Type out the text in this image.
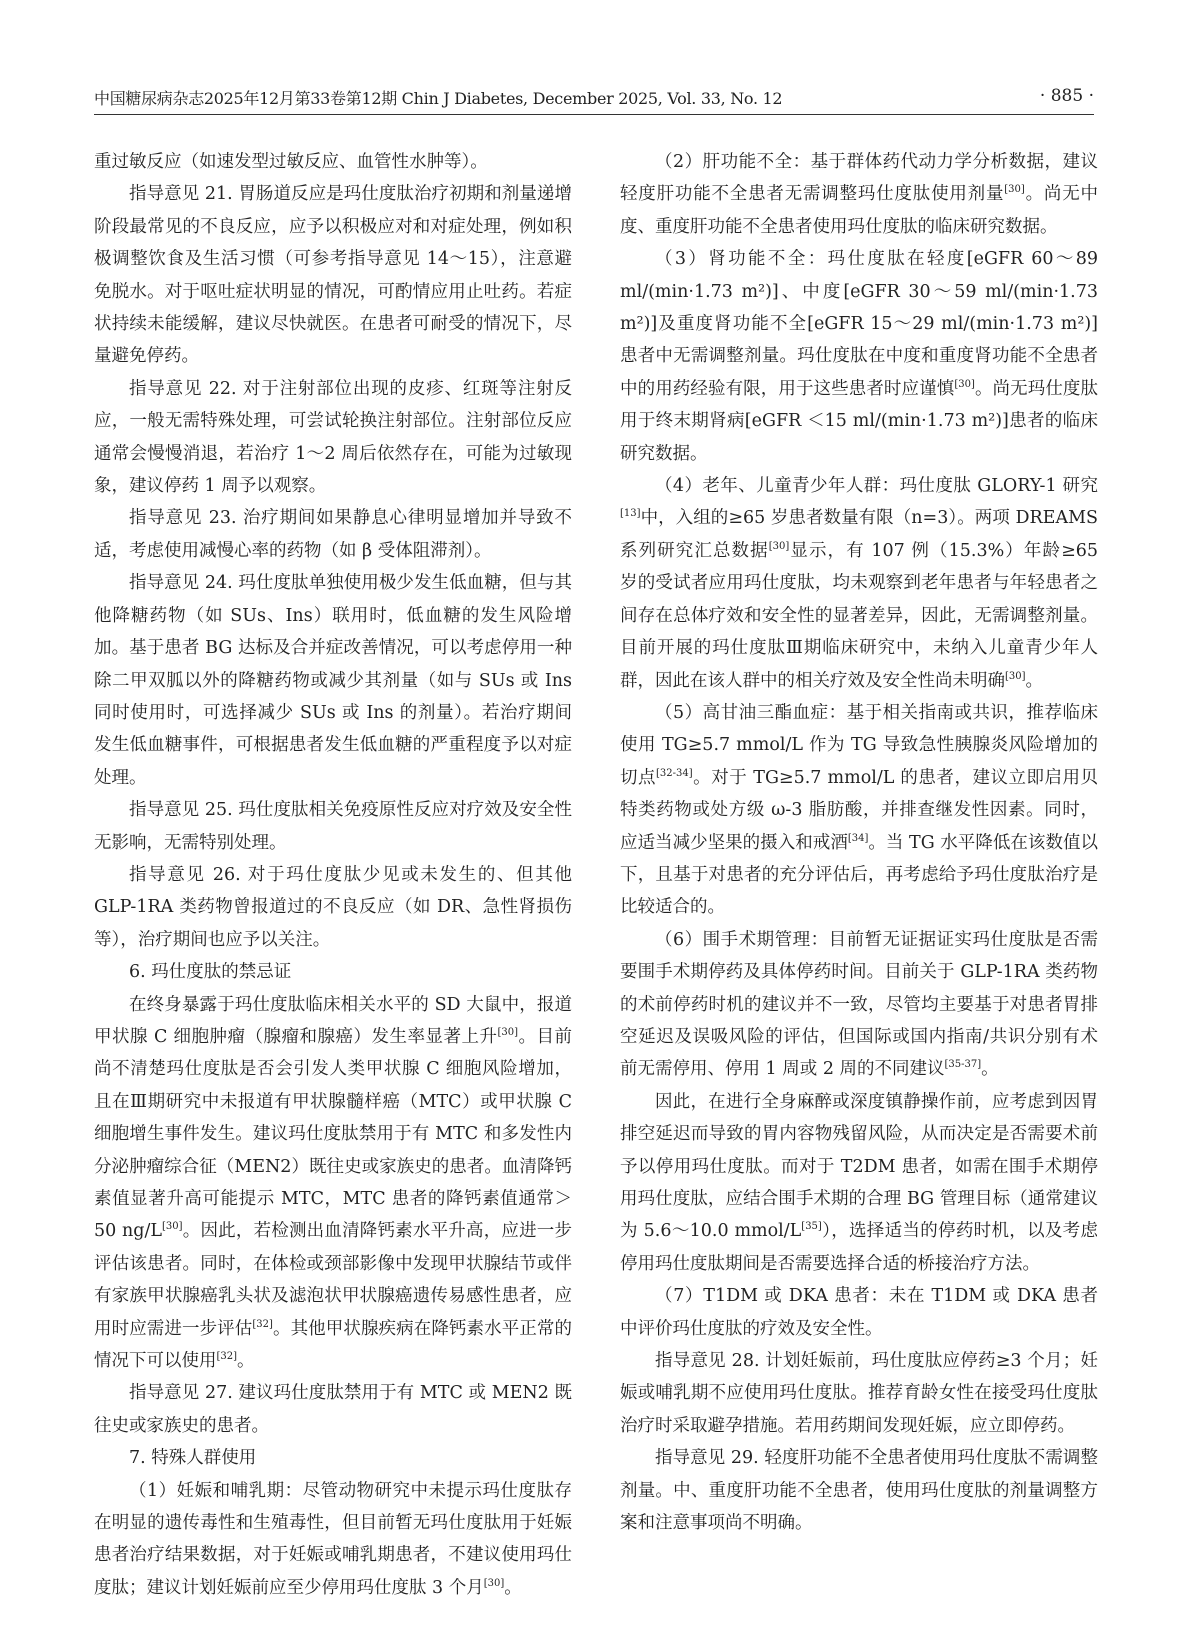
中国糖尿病杂志2025年12月第33卷第12期 Chin J Diabetes, December 2025, Vol. 33, No. 12	· 885 ·

重过敏反应（如速发型过敏反应、血管性水肿等）。

指导意见 21. 胃肠道反应是玛仕度肽治疗初期和剂量递增阶段最常见的不良反应，应予以积极应对和对症处理，例如积极调整饮食及生活习惯（可参考指导意见 14～15），注意避免脱水。对于呕吐症状明显的情况，可酌情应用止吐药。若症状持续未能缓解，建议尽快就医。在患者可耐受的情况下，尽量避免停药。

指导意见 22. 对于注射部位出现的皮疹、红斑等注射反应，一般无需特殊处理，可尝试轮换注射部位。注射部位反应通常会慢慢消退，若治疗 1～2 周后依然存在，可能为过敏现象，建议停药 1 周予以观察。

指导意见 23. 治疗期间如果静息心律明显增加并导致不适，考虑使用减慢心率的药物（如 β 受体阻滞剂）。

指导意见 24. 玛仕度肽单独使用极少发生低血糖，但与其他降糖药物（如 SUs、Ins）联用时，低血糖的发生风险增加。基于患者 BG 达标及合并症改善情况，可以考虑停用一种除二甲双胍以外的降糖药物或减少其剂量（如与 SUs 或 Ins 同时使用时，可选择减少 SUs 或 Ins 的剂量）。若治疗期间发生低血糖事件，可根据患者发生低血糖的严重程度予以对症处理。

指导意见 25. 玛仕度肽相关免疫原性反应对疗效及安全性无影响，无需特别处理。

指导意见 26. 对于玛仕度肽少见或未发生的、但其他 GLP-1RA 类药物曾报道过的不良反应（如 DR、急性肾损伤等），治疗期间也应予以关注。

6. 玛仕度肽的禁忌证

在终身暴露于玛仕度肽临床相关水平的 SD 大鼠中，报道甲状腺 C 细胞肿瘤（腺瘤和腺癌）发生率显著上升[30]。目前尚不清楚玛仕度肽是否会引发人类甲状腺 C 细胞风险增加，且在Ⅲ期研究中未报道有甲状腺髓样癌（MTC）或甲状腺 C 细胞增生事件发生。建议玛仕度肽禁用于有 MTC 和多发性内分泌肿瘤综合征（MEN2）既往史或家族史的患者。血清降钙素值显著升高可能提示 MTC，MTC 患者的降钙素值通常＞50 ng/L[30]。因此，若检测出血清降钙素水平升高，应进一步评估该患者。同时，在体检或颈部影像中发现甲状腺结节或伴有家族甲状腺癌乳头状及滤泡状甲状腺癌遗传易感性患者，应用时应需进一步评估[32]。其他甲状腺疾病在降钙素水平正常的情况下可以使用[32]。

指导意见 27. 建议玛仕度肽禁用于有 MTC 或 MEN2 既往史或家族史的患者。

7. 特殊人群使用

（1）妊娠和哺乳期：尽管动物研究中未提示玛仕度肽存在明显的遗传毒性和生殖毒性，但目前暂无玛仕度肽用于妊娠患者治疗结果数据，对于妊娠或哺乳期患者，不建议使用玛仕度肽；建议计划妊娠前应至少停用玛仕度肽 3 个月[30]。

（2）肝功能不全：基于群体药代动力学分析数据，建议轻度肝功能不全患者无需调整玛仕度肽使用剂量[30]。尚无中度、重度肝功能不全患者使用玛仕度肽的临床研究数据。

（3）肾功能不全：玛仕度肽在轻度[eGFR 60～89 ml/(min·1.73 m²)]、中度[eGFR 30～59 ml/(min·1.73 m²)]及重度肾功能不全[eGFR 15～29 ml/(min·1.73 m²)]患者中无需调整剂量。玛仕度肽在中度和重度肾功能不全患者中的用药经验有限，用于这些患者时应谨慎[30]。尚无玛仕度肽用于终末期肾病[eGFR ＜15 ml/(min·1.73 m²)]患者的临床研究数据。

（4）老年、儿童青少年人群：玛仕度肽 GLORY-1 研究[13]中，入组的≥65 岁患者数量有限（n=3）。两项 DREAMS 系列研究汇总数据[30]显示，有 107 例（15.3%）年龄≥65 岁的受试者应用玛仕度肽，均未观察到老年患者与年轻患者之间存在总体疗效和安全性的显著差异，因此，无需调整剂量。目前开展的玛仕度肽Ⅲ期临床研究中，未纳入儿童青少年人群，因此在该人群中的相关疗效及安全性尚未明确[30]。

（5）高甘油三酯血症：基于相关指南或共识，推荐临床使用 TG≥5.7 mmol/L 作为 TG 导致急性胰腺炎风险增加的切点[32-34]。对于 TG≥5.7 mmol/L 的患者，建议立即启用贝特类药物或处方级 ω-3 脂肪酸，并排查继发性因素。同时，应适当减少坚果的摄入和戒酒[34]。当 TG 水平降低在该数值以下，且基于对患者的充分评估后，再考虑给予玛仕度肽治疗是比较适合的。

（6）围手术期管理：目前暂无证据证实玛仕度肽是否需要围手术期停药及具体停药时间。目前关于 GLP-1RA 类药物的术前停药时机的建议并不一致，尽管均主要基于对患者胃排空延迟及误吸风险的评估，但国际或国内指南/共识分别有术前无需停用、停用 1 周或 2 周的不同建议[35-37]。

因此，在进行全身麻醉或深度镇静操作前，应考虑到因胃排空延迟而导致的胃内容物残留风险，从而决定是否需要术前予以停用玛仕度肽。而对于 T2DM 患者，如需在围手术期停用玛仕度肽，应结合围手术期的合理 BG 管理目标（通常建议为 5.6～10.0 mmol/L[35]），选择适当的停药时机，以及考虑停用玛仕度肽期间是否需要选择合适的桥接治疗方法。

（7）T1DM 或 DKA 患者：未在 T1DM 或 DKA 患者中评价玛仕度肽的疗效及安全性。

指导意见 28. 计划妊娠前，玛仕度肽应停药≥3 个月；妊娠或哺乳期不应使用玛仕度肽。推荐育龄女性在接受玛仕度肽治疗时采取避孕措施。若用药期间发现妊娠，应立即停药。

指导意见 29. 轻度肝功能不全患者使用玛仕度肽不需调整剂量。中、重度肝功能不全患者，使用玛仕度肽的剂量调整方案和注意事项尚不明确。
